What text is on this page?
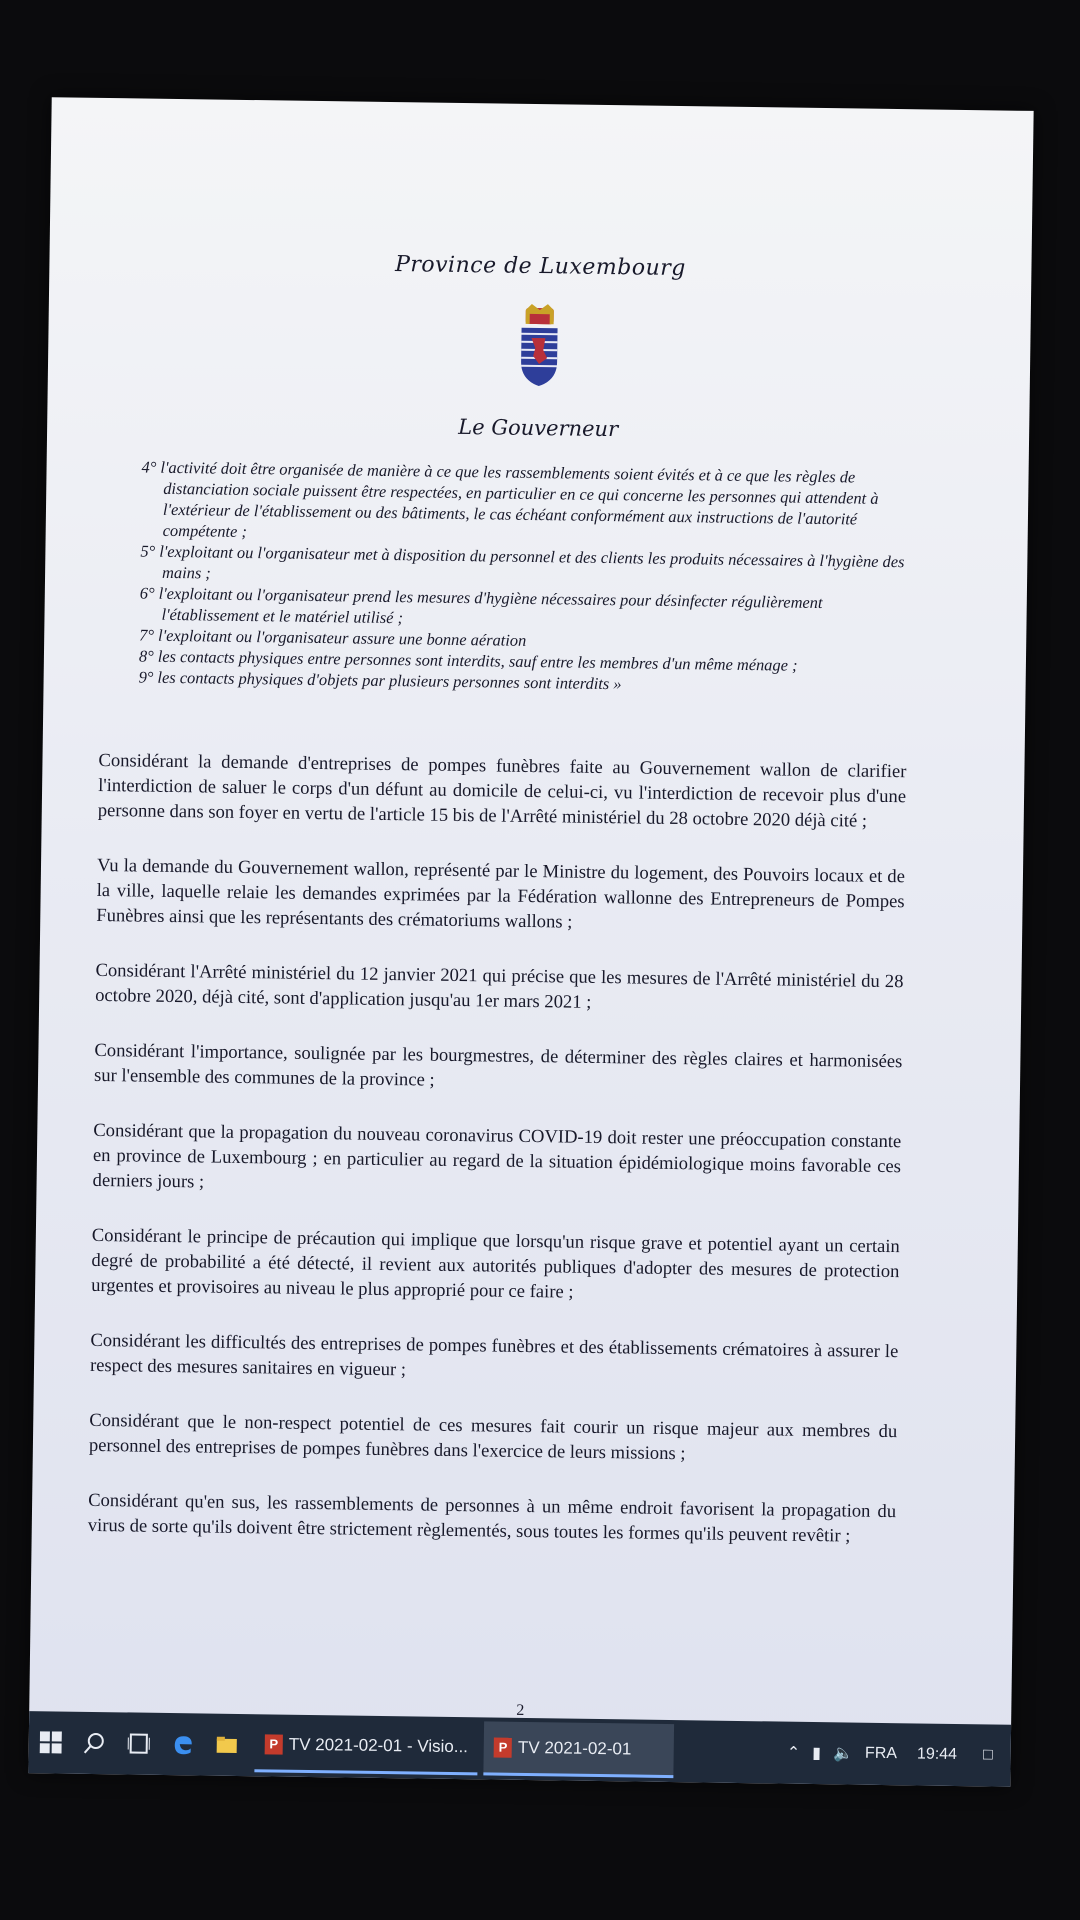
Province de Luxembourg
Le Gouverneur

4° l'activité doit être organisée de manière à ce que les rassemblements soient évités et à ce que les règles de distanciation sociale puissent être respectées, en particulier en ce qui concerne les personnes qui attendent à l'extérieur de l'établissement ou des bâtiments, le cas échéant conformément aux instructions de l'autorité compétente ;

5° l'exploitant ou l'organisateur met à disposition du personnel et des clients les produits nécessaires à l'hygiène des mains ;

6° l'exploitant ou l'organisateur prend les mesures d'hygiène nécessaires pour désinfecter régulièrement l'établissement et le matériel utilisé ;

7° l'exploitant ou l'organisateur assure une bonne aération

8° les contacts physiques entre personnes sont interdits, sauf entre les membres d'un même ménage ;

9° les contacts physiques d'objets par plusieurs personnes sont interdits »

Considérant la demande d'entreprises de pompes funèbres faite au Gouvernement wallon de clarifier l'interdiction de saluer le corps d'un défunt au domicile de celui-ci, vu l'interdiction de recevoir plus d'une personne dans son foyer en vertu de l'article 15 bis de l'Arrêté ministériel du 28 octobre 2020 déjà cité ;

Vu la demande du Gouvernement wallon, représenté par le Ministre du logement, des Pouvoirs locaux et de la ville, laquelle relaie les demandes exprimées par la Fédération wallonne des Entrepreneurs de Pompes Funèbres ainsi que les représentants des crématoriums wallons ;

Considérant l'Arrêté ministériel du 12 janvier 2021 qui précise que les mesures de l'Arrêté ministériel du 28 octobre 2020, déjà cité, sont d'application jusqu'au 1er mars 2021 ;

Considérant l'importance, soulignée par les bourgmestres, de déterminer des règles claires et harmonisées sur l'ensemble des communes de la province ;

Considérant que la propagation du nouveau coronavirus COVID-19 doit rester une préoccupation constante en province de Luxembourg ; en particulier au regard de la situation épidémiologique moins favorable ces derniers jours ;

Considérant le principe de précaution qui implique que lorsqu'un risque grave et potentiel ayant un certain degré de probabilité a été détecté, il revient aux autorités publiques d'adopter des mesures de protection urgentes et provisoires au niveau le plus approprié pour ce faire ;

Considérant les difficultés des entreprises de pompes funèbres et des établissements crématoires à assurer le respect des mesures sanitaires en vigueur ;

Considérant que le non-respect potentiel de ces mesures fait courir un risque majeur aux membres du personnel des entreprises de pompes funèbres dans l'exercice de leurs missions ;

Considérant qu'en sus, les rassemblements de personnes à un même endroit favorisent la propagation du virus de sorte qu'ils doivent être strictement règlementés, sous toutes les formes qu'ils peuvent revêtir ;

2
P TV 2021-02-01 - Visio...	P TV 2021-02-01	⌃ ▮ 🔈 FRA 19:44 □
